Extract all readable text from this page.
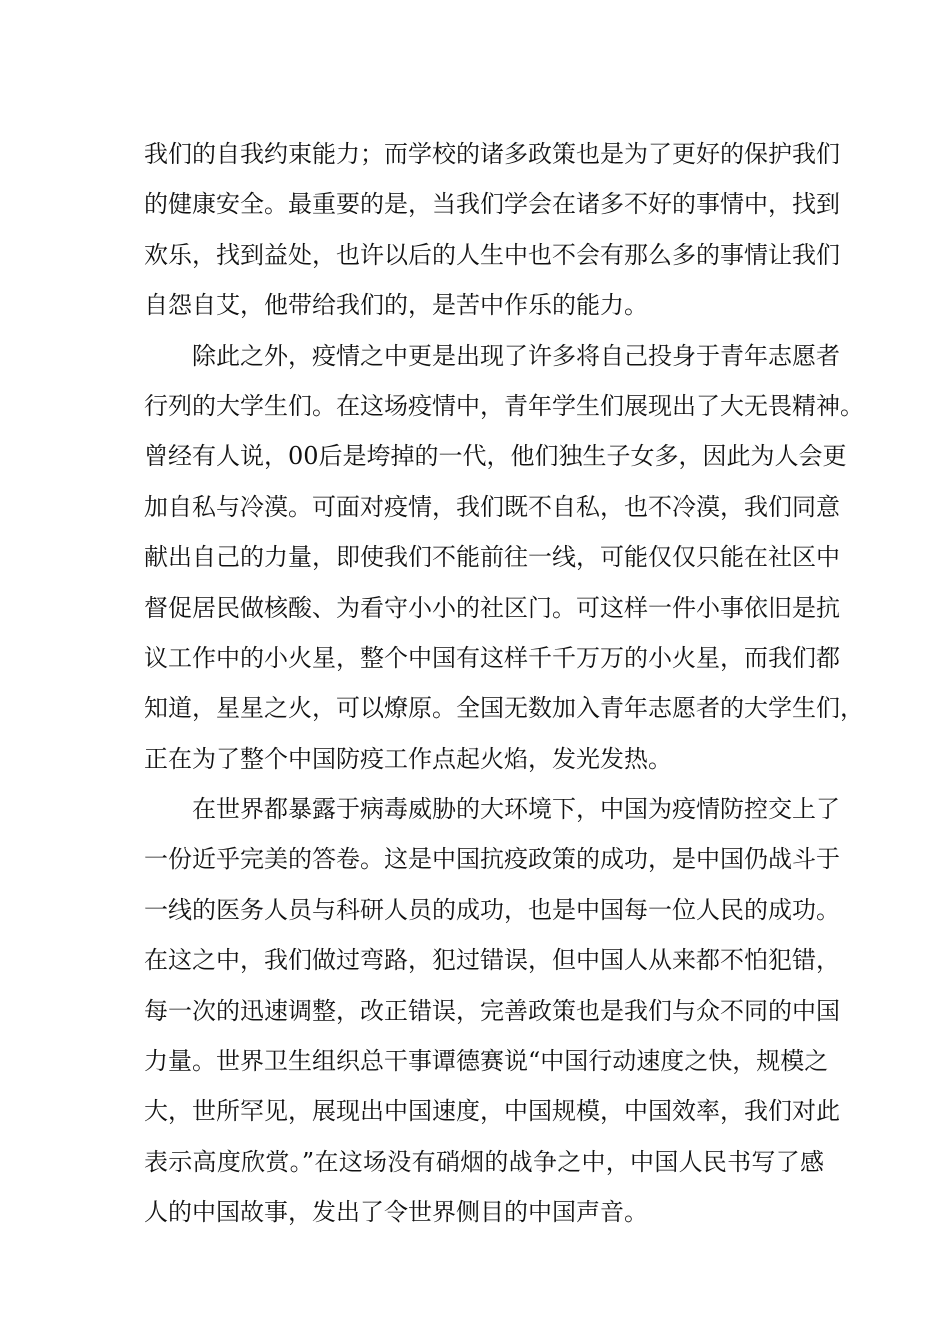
我们的自我约束能力；而学校的诸多政策也是为了更好的保护我们
的健康安全。最重要的是，当我们学会在诸多不好的事情中，找到
欢乐，找到益处，也许以后的人生中也不会有那么多的事情让我们
自怨自艾，他带给我们的，是苦中作乐的能力。
除此之外，疫情之中更是出现了许多将自己投身于青年志愿者
行列的大学生们。在这场疫情中，青年学生们展现出了大无畏精神。
曾经有人说，00后是垮掉的一代，他们独生子女多，因此为人会更
加自私与冷漠。可面对疫情，我们既不自私，也不冷漠，我们同意
献出自己的力量，即使我们不能前往一线，可能仅仅只能在社区中
督促居民做核酸、为看守小小的社区门。可这样一件小事依旧是抗
议工作中的小火星，整个中国有这样千千万万的小火星，而我们都
知道，星星之火，可以燎原。全国无数加入青年志愿者的大学生们，
正在为了整个中国防疫工作点起火焰，发光发热。
在世界都暴露于病毒威胁的大环境下，中国为疫情防控交上了
一份近乎完美的答卷。这是中国抗疫政策的成功，是中国仍战斗于
一线的医务人员与科研人员的成功，也是中国每一位人民的成功。
在这之中，我们做过弯路，犯过错误，但中国人从来都不怕犯错，
每一次的迅速调整，改正错误，完善政策也是我们与众不同的中国
力量。世界卫生组织总干事谭德赛说“中国行动速度之快，规模之
大，世所罕见，展现出中国速度，中国规模，中国效率，我们对此
表示高度欣赏。”在这场没有硝烟的战争之中，中国人民书写了感
人的中国故事，发出了令世界侧目的中国声音。
